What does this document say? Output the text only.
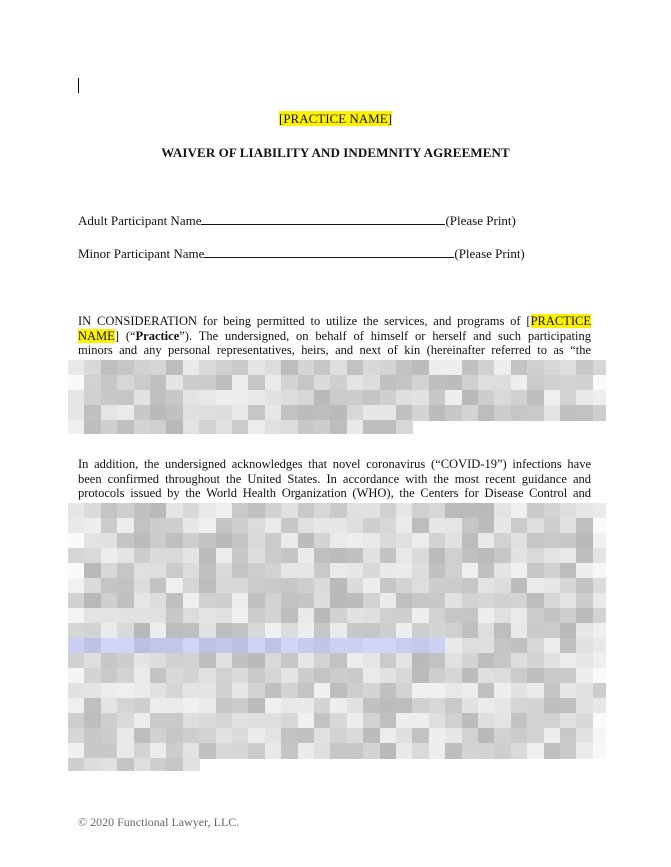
[PRACTICE NAME]
WAIVER OF LIABILITY AND INDEMNITY AGREEMENT
Adult Participant Name	(Please Print)
Minor Participant Name	(Please Print)
IN CONSIDERATION for being permitted to utilize the services, and programs of [PRACTICE
NAME] (“Practice”). The undersigned, on behalf of himself or herself and such participating
minors and any personal representatives, heirs, and next of kin (hereinafter referred to as “the
In addition, the undersigned acknowledges that novel coronavirus (“COVID-19”) infections have
been confirmed throughout the United States. In accordance with the most recent guidance and
protocols issued by the World Health Organization (WHO), the Centers for Disease Control and
© 2020 Functional Lawyer, LLC.
